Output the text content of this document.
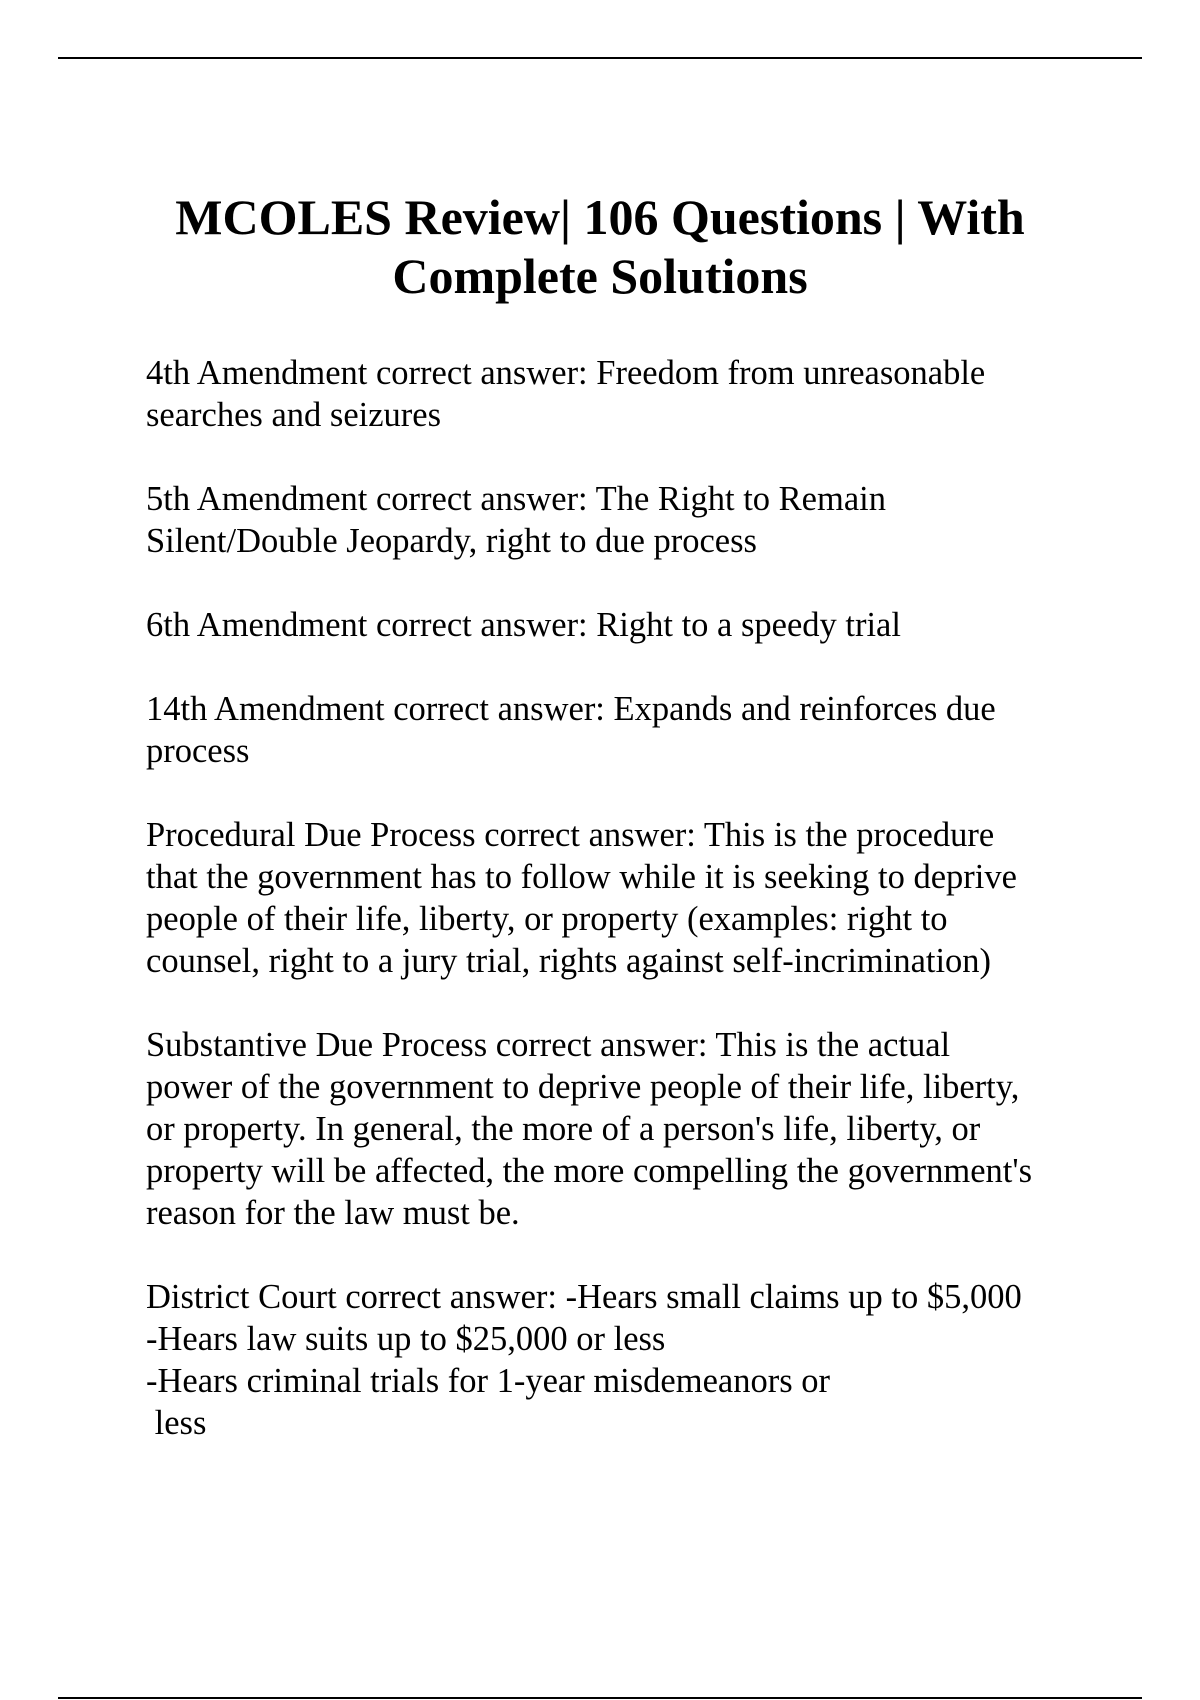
MCOLES Review| 106 Questions | With
Complete Solutions

4th Amendment correct answer: Freedom from unreasonable
searches and seizures

5th Amendment correct answer: The Right to Remain
Silent/Double Jeopardy, right to due process

6th Amendment correct answer: Right to a speedy trial

14th Amendment correct answer: Expands and reinforces due
process

Procedural Due Process correct answer: This is the procedure
that the government has to follow while it is seeking to deprive
people of their life, liberty, or property (examples: right to
counsel, right to a jury trial, rights against self-incrimination)

Substantive Due Process correct answer: This is the actual
power of the government to deprive people of their life, liberty,
or property. In general, the more of a person's life, liberty, or
property will be affected, the more compelling the government's
reason for the law must be.

District Court correct answer: -Hears small claims up to $5,000
-Hears law suits up to $25,000 or less
-Hears criminal trials for 1-year misdemeanors or
less
